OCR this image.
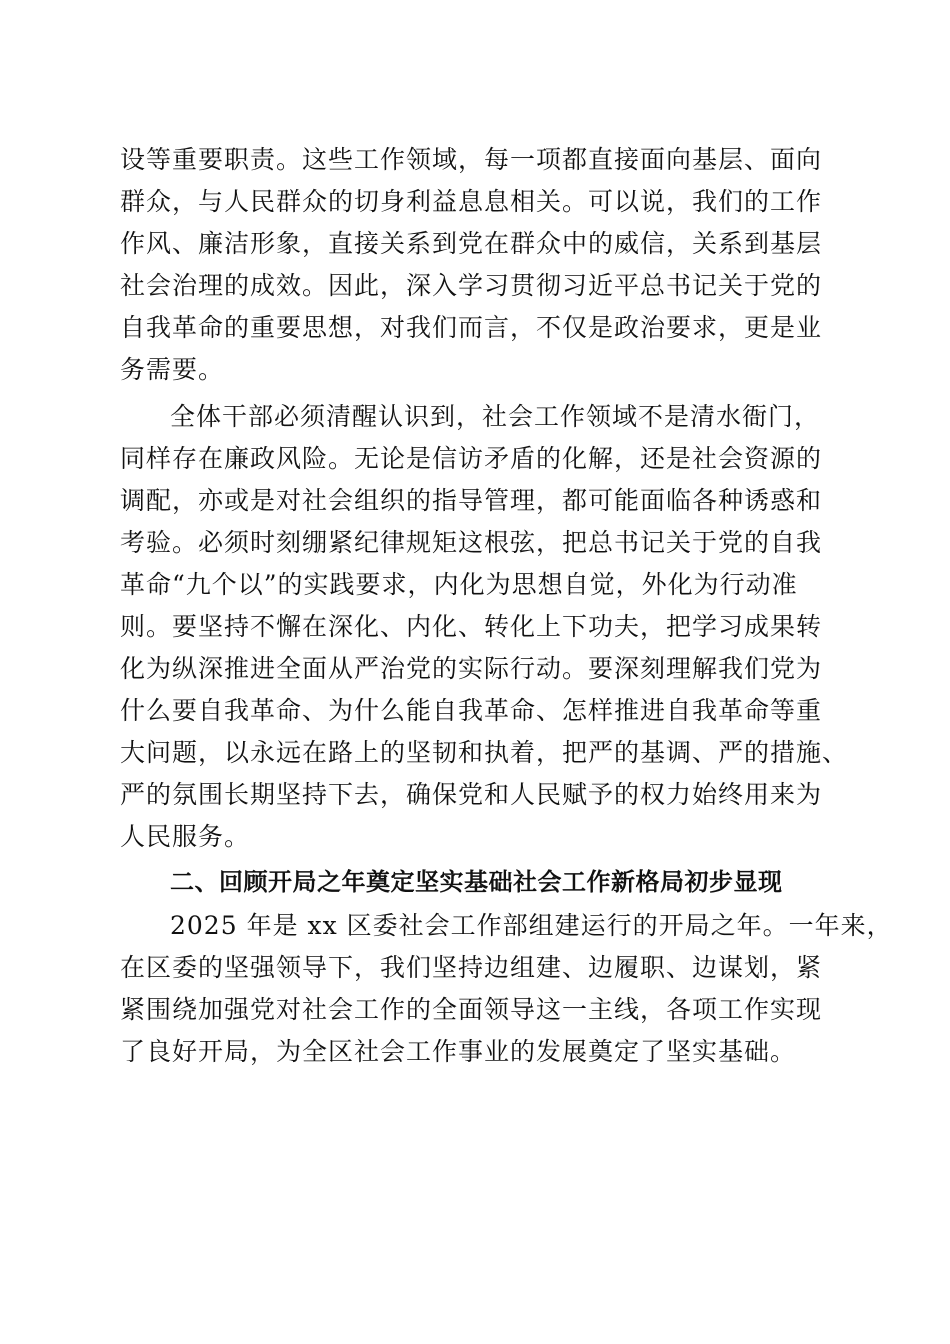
设等重要职责。这些工作领域，每一项都直接面向基层、面向
群众，与人民群众的切身利益息息相关。可以说，我们的工作
作风、廉洁形象，直接关系到党在群众中的威信，关系到基层
社会治理的成效。因此，深入学习贯彻习近平总书记关于党的
自我革命的重要思想，对我们而言，不仅是政治要求，更是业
务需要。
全体干部必须清醒认识到，社会工作领域不是清水衙门，
同样存在廉政风险。无论是信访矛盾的化解，还是社会资源的
调配，亦或是对社会组织的指导管理，都可能面临各种诱惑和
考验。必须时刻绷紧纪律规矩这根弦，把总书记关于党的自我
革命“九个以”的实践要求，内化为思想自觉，外化为行动准
则。要坚持不懈在深化、内化、转化上下功夫，把学习成果转
化为纵深推进全面从严治党的实际行动。要深刻理解我们党为
什么要自我革命、为什么能自我革命、怎样推进自我革命等重
大问题，以永远在路上的坚韧和执着，把严的基调、严的措施、
严的氛围长期坚持下去，确保党和人民赋予的权力始终用来为
人民服务。
二、回顾开局之年奠定坚实基础社会工作新格局初步显现
2025 年是 xx 区委社会工作部组建运行的开局之年。一年来，
在区委的坚强领导下，我们坚持边组建、边履职、边谋划，紧
紧围绕加强党对社会工作的全面领导这一主线，各项工作实现
了良好开局，为全区社会工作事业的发展奠定了坚实基础。
